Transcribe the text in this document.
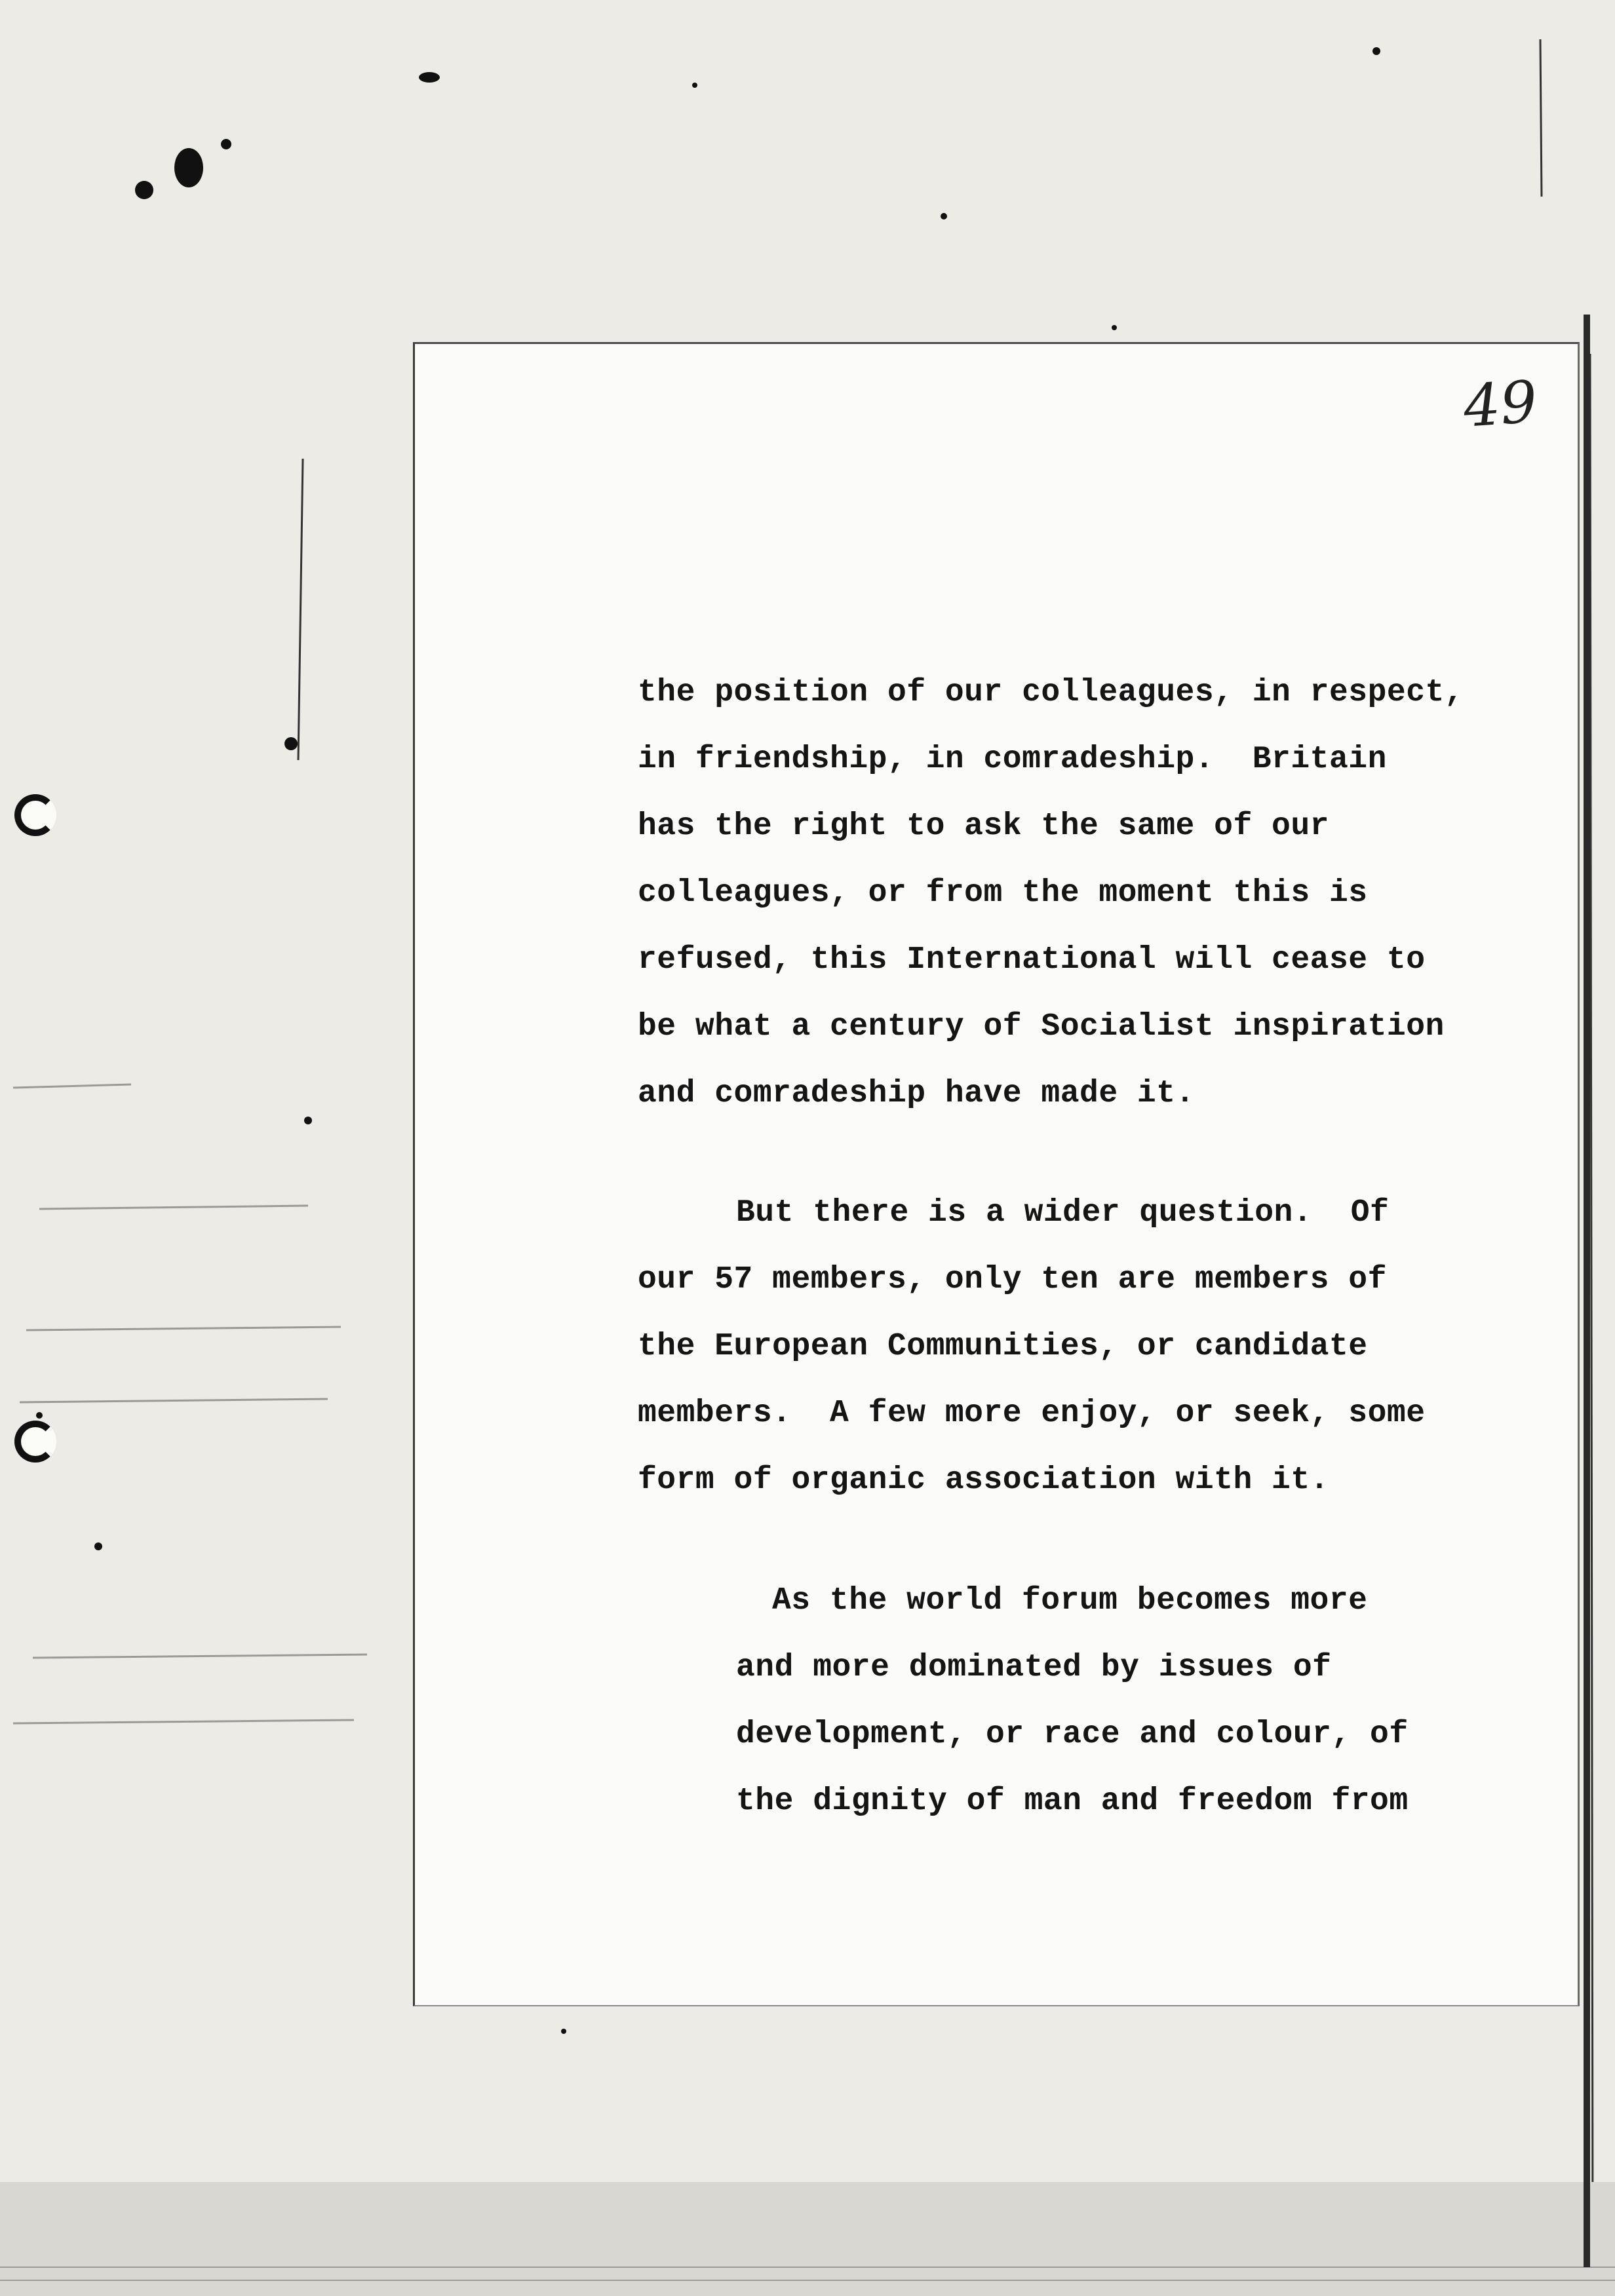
49
the position of our colleagues, in respect,
in friendship, in comradeship.  Britain
has the right to ask the same of our
colleagues, or from the moment this is
refused, this International will cease to
be what a century of Socialist inspiration
and comradeship have made it.
But there is a wider question.  Of
our 57 members, only ten are members of
the European Communities, or candidate
members.  A few more enjoy, or seek, some
form of organic association with it.
As the world forum becomes more
and more dominated by issues of
development, or race and colour, of
the dignity of man and freedom from
